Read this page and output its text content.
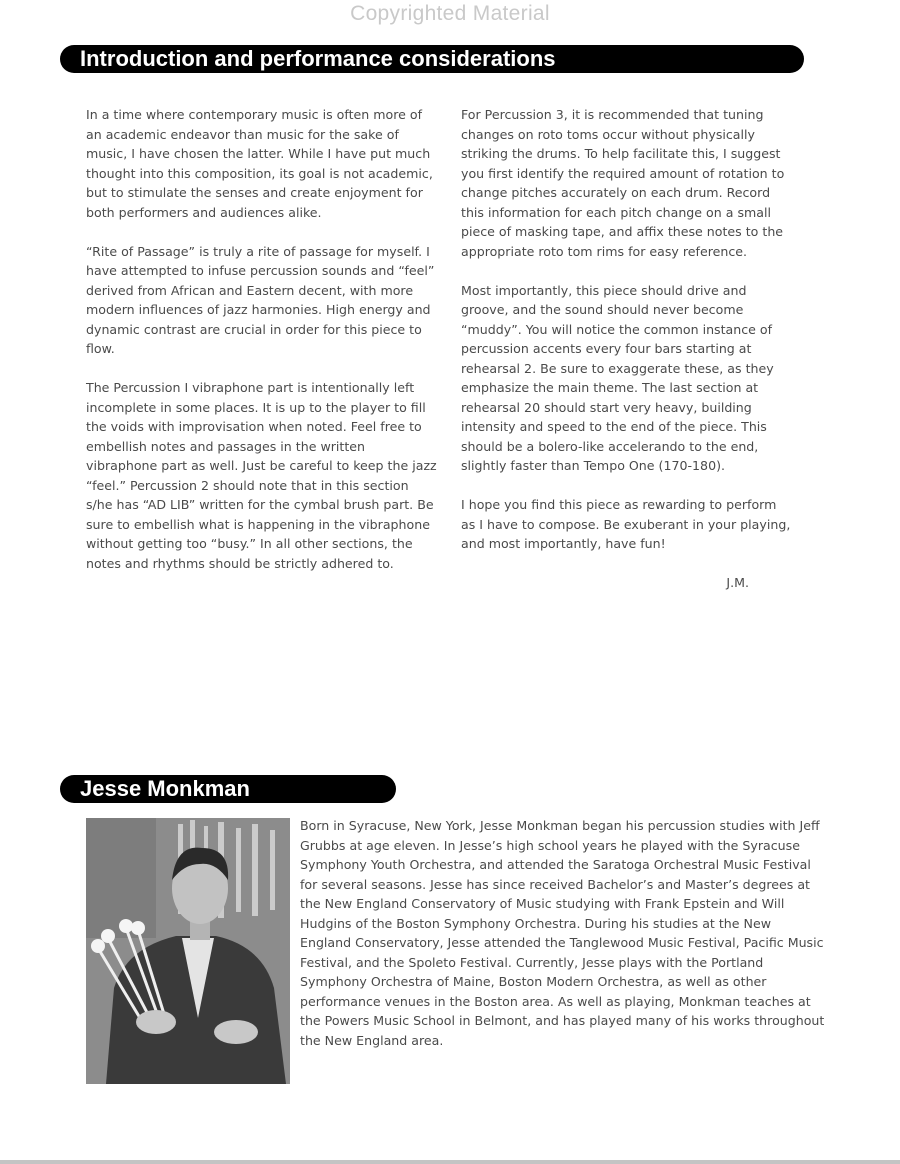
Copyrighted Material
Introduction and performance considerations

In a time where contemporary music is often more of an academic endeavor than music for the sake of music, I have chosen the latter. While I have put much thought into this composition, its goal is not academic, but to stimulate the senses and create enjoyment for both performers and audiences alike.

“Rite of Passage” is truly a rite of passage for myself. I have attempted to infuse percussion sounds and “feel” derived from African and Eastern decent, with more modern influences of jazz harmonies. High energy and dynamic contrast are crucial in order for this piece to flow.

The Percussion I vibraphone part is intentionally left incomplete in some places. It is up to the player to fill the voids with improvisation when noted. Feel free to embellish notes and passages in the written vibraphone part as well. Just be careful to keep the jazz “feel.” Percussion 2 should note that in this section s/he has “AD LIB” written for the cymbal brush part. Be sure to embellish what is happening in the vibraphone without getting too “busy.” In all other sections, the notes and rhythms should be strictly adhered to.

For Percussion 3, it is recommended that tuning changes on roto toms occur without physically striking the drums. To help facilitate this, I suggest you first identify the required amount of rotation to change pitches accurately on each drum. Record this information for each pitch change on a small piece of masking tape, and affix these notes to the appropriate roto tom rims for easy reference.

Most importantly, this piece should drive and groove, and the sound should never become “muddy”. You will notice the common instance of percussion accents every four bars starting at rehearsal 2. Be sure to exaggerate these, as they emphasize the main theme. The last section at rehearsal 20 should start very heavy, building intensity and speed to the end of the piece. This should be a bolero-like accelerando to the end, slightly faster than Tempo One (170-180).

I hope you find this piece as rewarding to perform as I have to compose. Be exuberant in your playing, and most importantly, have fun!

J.M.

Jesse Monkman

Born in Syracuse, New York, Jesse Monkman began his percussion studies with Jeff Grubbs at age eleven. In Jesse’s high school years he played with the Syracuse Symphony Youth Orchestra, and attended the Saratoga Orchestral Music Festival for several seasons. Jesse has since received Bachelor’s and Master’s degrees at the New England Conservatory of Music studying with Frank Epstein and Will Hudgins of the Boston Symphony Orchestra. During his studies at the New England Conservatory, Jesse attended the Tanglewood Music Festival, Pacific Music Festival, and the Spoleto Festival. Currently, Jesse plays with the Portland Symphony Orchestra of Maine, Boston Modern Orchestra, as well as other performance venues in the Boston area. As well as playing, Monkman teaches at the Powers Music School in Belmont, and has played many of his works throughout the New England area.
